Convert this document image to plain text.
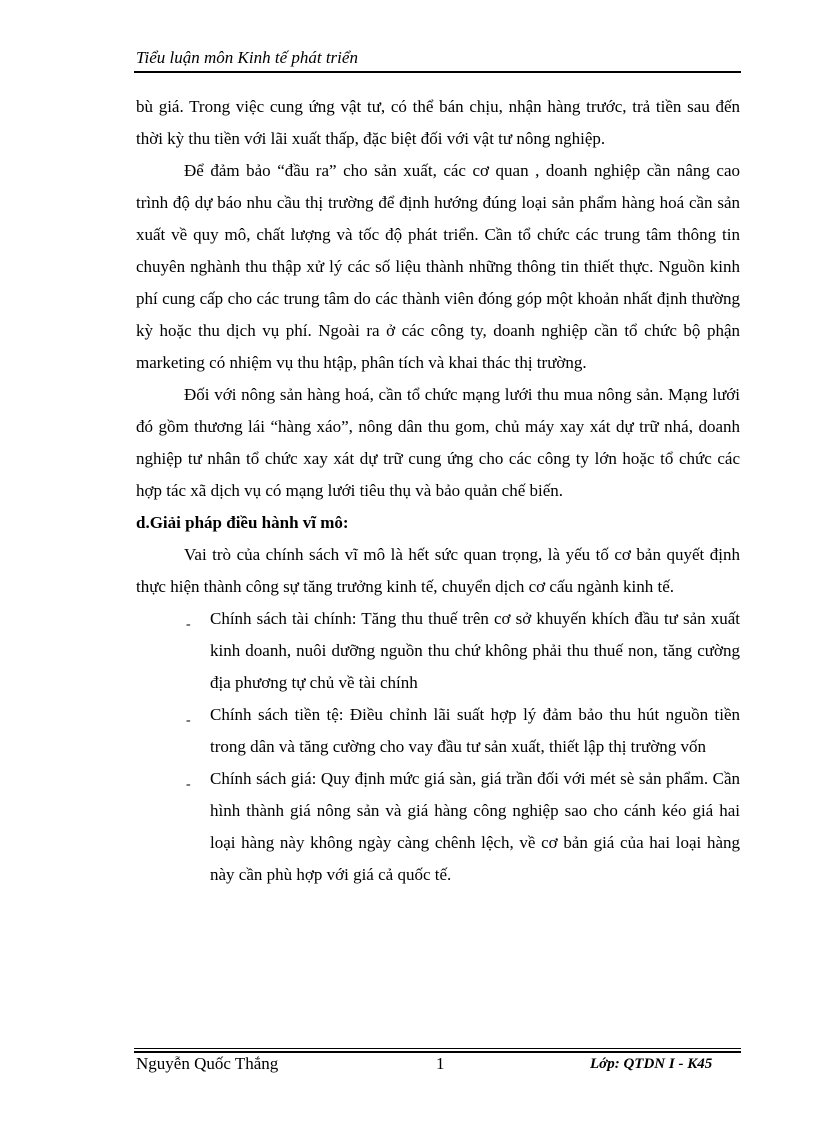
Tiểu luận môn Kinh tế phát triển

bù giá. Trong việc cung ứng vật tư, có thể bán chịu, nhận hàng trước, trả tiền sau đến thời kỳ thu tiền với lãi xuất thấp, đặc biệt đối với vật tư nông nghiệp.

Để đảm bảo “đầu ra” cho sản xuất, các cơ quan , doanh nghiệp cần nâng cao trình độ dự báo nhu cầu thị trường để định hướng đúng loại sản phẩm hàng hoá cần sản xuất về quy mô, chất lượng và tốc độ phát triển. Cần tổ chức các trung tâm thông tin chuyên nghành thu thập xử lý các số liệu thành những thông tin thiết thực. Nguồn kinh phí cung cấp cho các trung tâm do các thành viên đóng góp một khoản nhất định thường kỳ hoặc thu dịch vụ phí. Ngoài ra ở các công ty, doanh nghiệp cần tổ chức bộ phận marketing có nhiệm vụ thu htập, phân tích và khai thác thị trường.

Đối với nông sản hàng hoá, cần tổ chức mạng lưới thu mua nông sản. Mạng lưới đó gồm thương lái “hàng xáo”, nông dân thu gom, chủ máy xay xát dự trữ nhá, doanh nghiệp tư nhân tổ chức xay xát dự trữ cung ứng cho các công ty lớn hoặc tổ chức các hợp tác xã dịch vụ có mạng lưới tiêu thụ và bảo quản chế biến.

d.Giải pháp điều hành vĩ mô:

Vai trò của chính sách vĩ mô là hết sức quan trọng, là yếu tố cơ bản quyết định thực hiện thành công sự tăng trưởng kinh tế, chuyển dịch cơ cấu ngành kinh tế.

- Chính sách tài chính: Tăng thu thuế trên cơ sở khuyến khích đầu tư sản xuất kinh doanh, nuôi dưỡng nguồn thu chứ không phải thu thuế non, tăng cường địa phương tự chủ về tài chính
- Chính sách tiền tệ: Điều chỉnh lãi suất hợp lý đảm bảo thu hút nguồn tiền trong dân và tăng cường cho vay đầu tư sản xuất, thiết lập thị trường vốn
- Chính sách giá: Quy định mức giá sàn, giá trần đối với mét sè sản phẩm. Cần hình thành giá nông sản và giá hàng công nghiệp sao cho cánh kéo giá hai loại hàng này không ngày càng chênh lệch, về cơ bản giá của hai loại hàng này cần phù hợp với giá cả quốc tế.
Nguyễn Quốc Thắng	1	Lớp: QTDN I - K45
